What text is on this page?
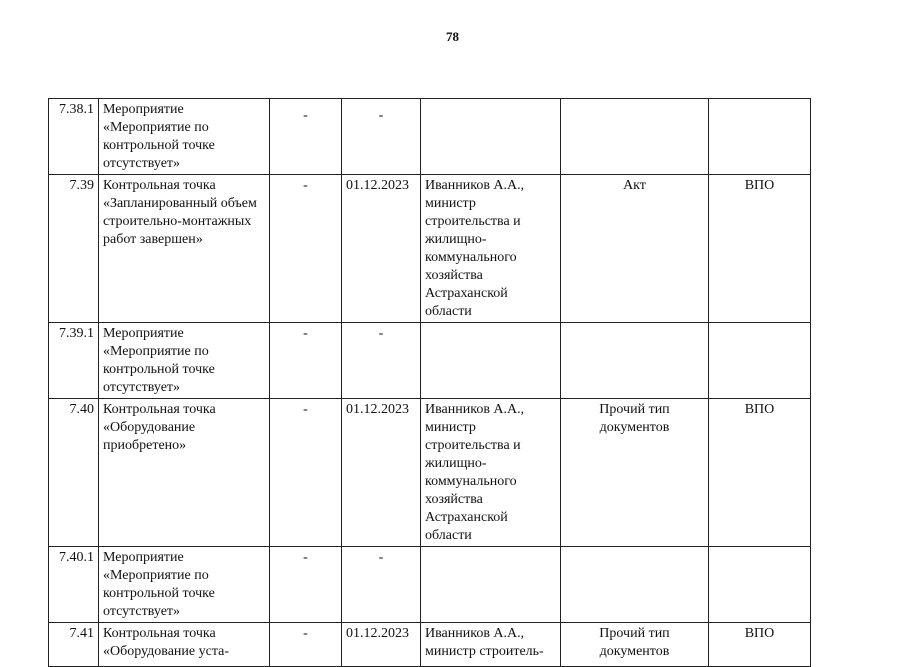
78
7.38.1	Мероприятие «Мероприятие по контрольной точке отсутствует»	-	-			
7.39	Контрольная точка «Запланированный объем строительно-монтажных работ завершен»	-	01.12.2023	Иванников А.А., министр строительства и жилищно-коммунального хозяйства Астраханской области	Акт	ВПО
7.39.1	Мероприятие «Мероприятие по контрольной точке отсутствует»	-	-			
7.40	Контрольная точка «Оборудование приобретено»	-	01.12.2023	Иванников А.А., министр строительства и жилищно-коммунального хозяйства Астраханской области	Прочий тип документов	ВПО
7.40.1	Мероприятие «Мероприятие по контрольной точке отсутствует»	-	-			
7.41	Контрольная точка «Оборудование уста-	-	01.12.2023	Иванников А.А., министр строитель-	Прочий тип документов	ВПО
